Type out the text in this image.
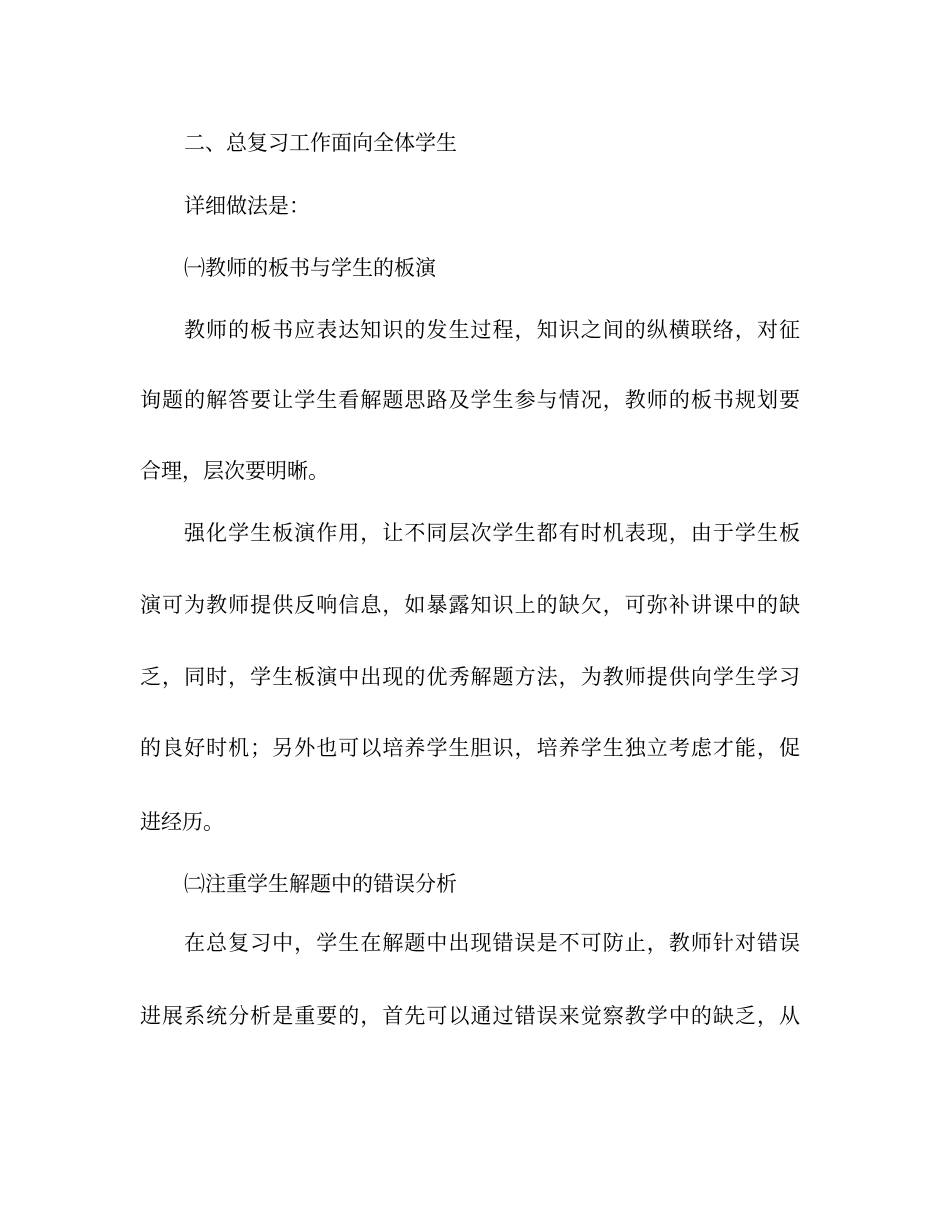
二、总复习工作面向全体学生
详细做法是：
㈠教师的板书与学生的板演
教师的板书应表达知识的发生过程，知识之间的纵横联络，对征
询题的解答要让学生看解题思路及学生参与情况，教师的板书规划要
合理，层次要明晰。
强化学生板演作用，让不同层次学生都有时机表现，由于学生板
演可为教师提供反响信息，如暴露知识上的缺欠，可弥补讲课中的缺
乏，同时，学生板演中出现的优秀解题方法，为教师提供向学生学习
的良好时机；另外也可以培养学生胆识，培养学生独立考虑才能，促
进经历。
㈡注重学生解题中的错误分析
在总复习中，学生在解题中出现错误是不可防止，教师针对错误
进展系统分析是重要的，首先可以通过错误来觉察教学中的缺乏，从
